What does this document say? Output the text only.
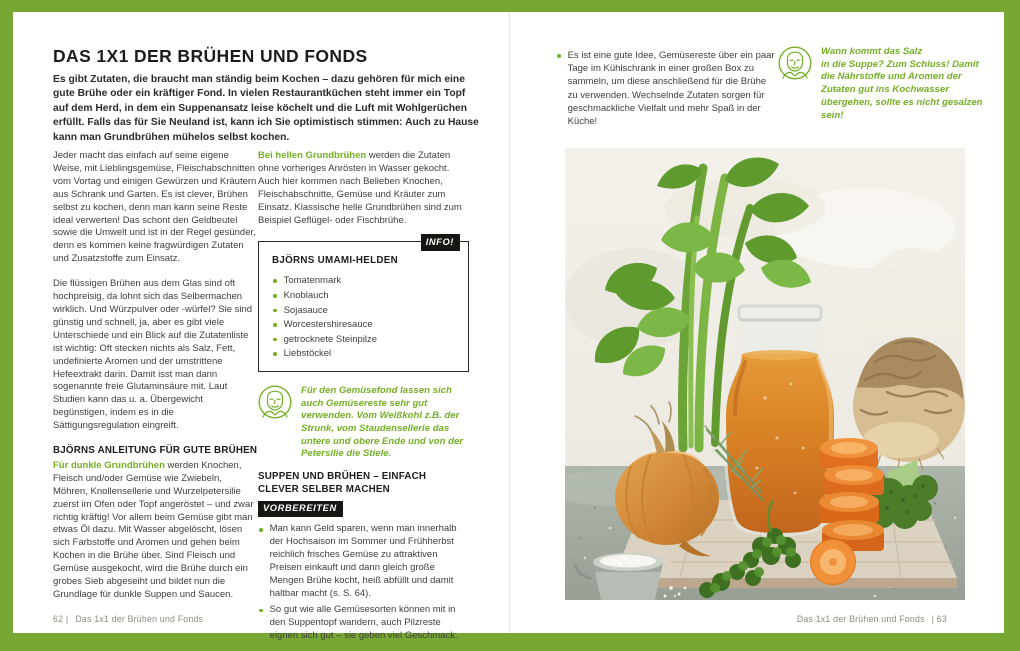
DAS 1X1 DER BRÜHEN UND FONDS

Es gibt Zutaten, die braucht man ständig beim Kochen – dazu gehören für mich eine gute Brühe oder ein kräftiger Fond. In vielen Restaurantküchen steht immer ein Topf auf dem Herd, in dem ein Suppenansatz leise köchelt und die Luft mit Wohlgerüchen erfüllt. Falls das für Sie Neuland ist, kann ich Sie optimistisch stimmen: Auch zu Hause kann man Grundbrühen mühelos selbst kochen.

Jeder macht das einfach auf seine eigene Weise, mit Lieblingsgemüse, Fleischabschnitten vom Vortag und einigen Gewürzen und Kräutern aus Schrank und Garten. Es ist clever, Brühen selbst zu kochen, denn man kann seine Reste ideal verwerten! Das schont den Geldbeutel sowie die Umwelt und ist in der Regel gesünder, denn es kommen keine fragwürdigen Zutaten und Zusatzstoffe zum Einsatz.

Die flüssigen Brühen aus dem Glas sind oft hochpreisig, da lohnt sich das Selbermachen wirklich. Und Würzpulver oder -würfel? Sie sind günstig und schnell, ja, aber es gibt viele Unterschiede und ein Blick auf die Zutatenliste ist wichtig: Oft stecken nichts als Salz, Fett, undefinierte Aromen und der umstrittene Hefeextrakt darin. Damit isst man dann sogenannte freie Glutaminsäure mit. Laut Studien kann das u. a. Übergewicht begünstigen, indem es in die Sättigungsregulation eingreift.

BJÖRNS ANLEITUNG FÜR GUTE BRÜHEN

Für dunkle Grundbrühen werden Knochen, Fleisch und/oder Gemüse wie Zwiebeln, Möhren, Knollensellerie und Wurzelpetersilie zuerst im Ofen oder Topf angeröstet – und zwar richtig kräftig! Vor allem beim Gemüse gibt man etwas Öl dazu. Mit Wasser abgelöscht, lösen sich Farbstoffe und Aromen und gehen beim Kochen in die Brühe über. Sind Fleisch und Gemüse ausgekocht, wird die Brühe durch ein grobes Sieb abgeseiht und bildet nun die Grundlage für dunkle Suppen und Saucen.

Bei hellen Grundbrühen werden die Zutaten ohne vorheriges Anrösten in Wasser gekocht. Auch hier kommen nach Belieben Knochen, Fleischabschnitte, Gemüse und Kräuter zum Einsatz. Klassische helle Grundbrühen sind zum Beispiel Geflügel- oder Fischbrühe.

INFO!
BJÖRNS UMAMI-HELDEN
Tomatenmark
Knoblauch
Sojasauce
Worcestershiresauce
getrocknete Steinpilze
Liebstöckel

Für den Gemüsefond lassen sich auch Gemüsereste sehr gut verwenden. Vom Weißkohl z.B. der Strunk, vom Staudensellerie das untere und obere Ende und von der Petersilie die Stiele.

SUPPEN UND BRÜHEN – EINFACH CLEVER SELBER MACHEN
VORBEREITEN

Man kann Geld sparen, wenn man innerhalb der Hochsaison im Sommer und Frühherbst reichlich frisches Gemüse zu attraktiven Preisen einkauft und dann gleich große Mengen Brühe kocht, heiß abfüllt und damit haltbar macht (s. S. 64).

So gut wie alle Gemüsesorten können mit in den Suppentopf wandern, auch Pilzreste eignen sich gut – sie geben viel Geschmack.

62 | Das 1x1 der Brühen und Fonds

Es ist eine gute Idee, Gemüsereste über ein paar Tage im Kühlschrank in einer großen Box zu sammeln, um diese anschließend für die Brühe zu verwenden. Wechselnde Zutaten sorgen für geschmackliche Vielfalt und mehr Spaß in der Küche!

Wann kommt das Salz
in die Suppe? Zum Schluss! Damit die Nährstoffe und Aromen der Zutaten gut ins Kochwasser übergehen, sollte es nicht gesalzen sein!

Das 1x1 der Brühen und Fonds | 63
